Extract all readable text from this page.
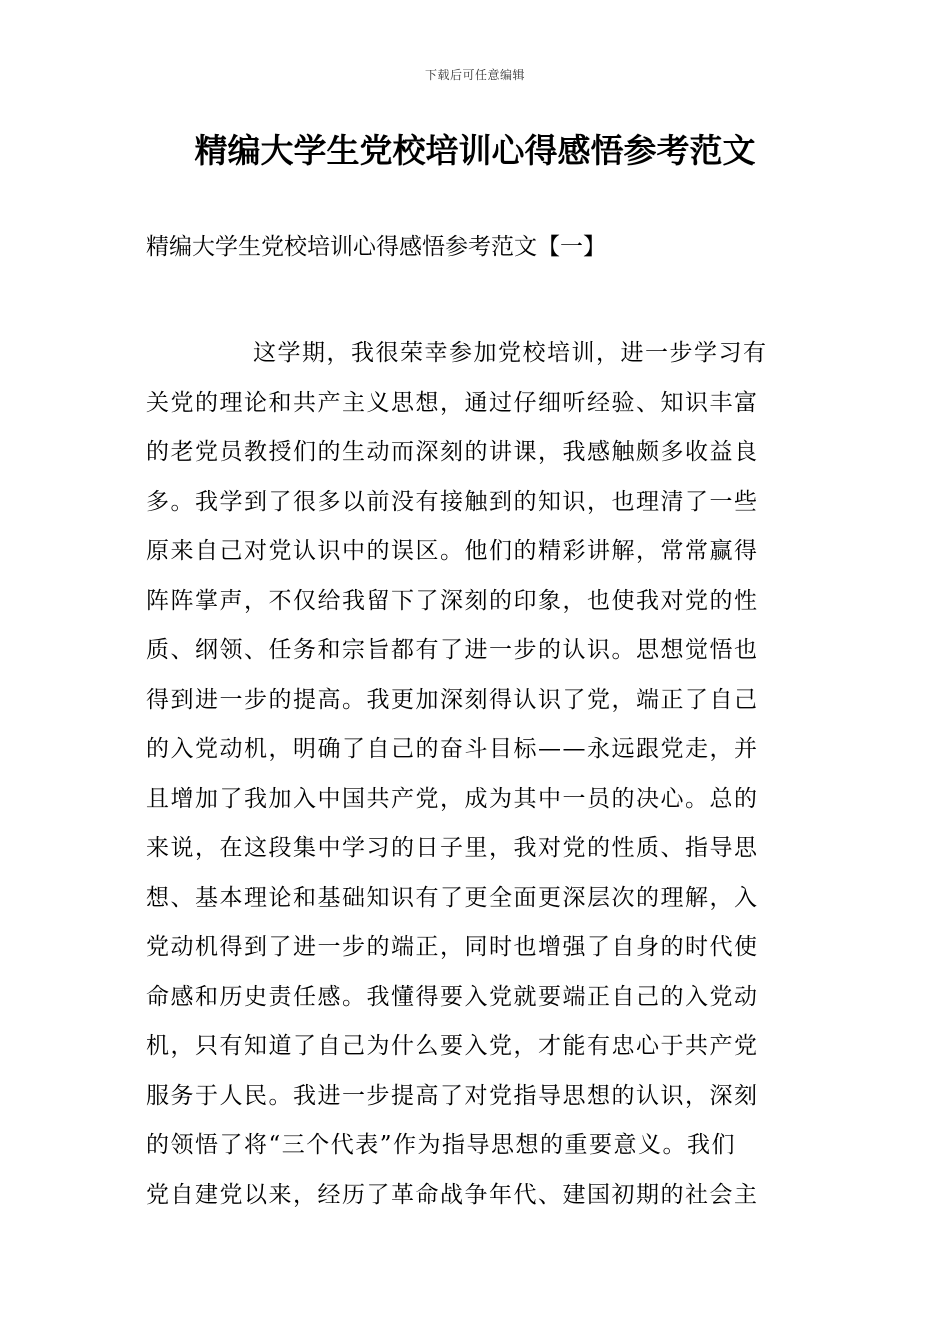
下载后可任意编辑
精编大学生党校培训心得感悟参考范文
精编大学生党校培训心得感悟参考范文【一】
这学期，我很荣幸参加党校培训，进一步学习有
关党的理论和共产主义思想，通过仔细听经验、知识丰富
的老党员教授们的生动而深刻的讲课，我感触颇多收益良
多。我学到了很多以前没有接触到的知识，也理清了一些
原来自己对党认识中的误区。他们的精彩讲解，常常赢得
阵阵掌声，不仅给我留下了深刻的印象，也使我对党的性
质、纲领、任务和宗旨都有了进一步的认识。思想觉悟也
得到进一步的提高。我更加深刻得认识了党，端正了自己
的入党动机，明确了自己的奋斗目标——永远跟党走，并
且增加了我加入中国共产党，成为其中一员的决心。总的
来说，在这段集中学习的日子里，我对党的性质、指导思
想、基本理论和基础知识有了更全面更深层次的理解，入
党动机得到了进一步的端正，同时也增强了自身的时代使
命感和历史责任感。我懂得要入党就要端正自己的入党动
机，只有知道了自己为什么要入党，才能有忠心于共产党
服务于人民。我进一步提高了对党指导思想的认识，深刻
的领悟了将“三个代表”作为指导思想的重要意义。我们
党自建党以来，经历了革命战争年代、建国初期的社会主
